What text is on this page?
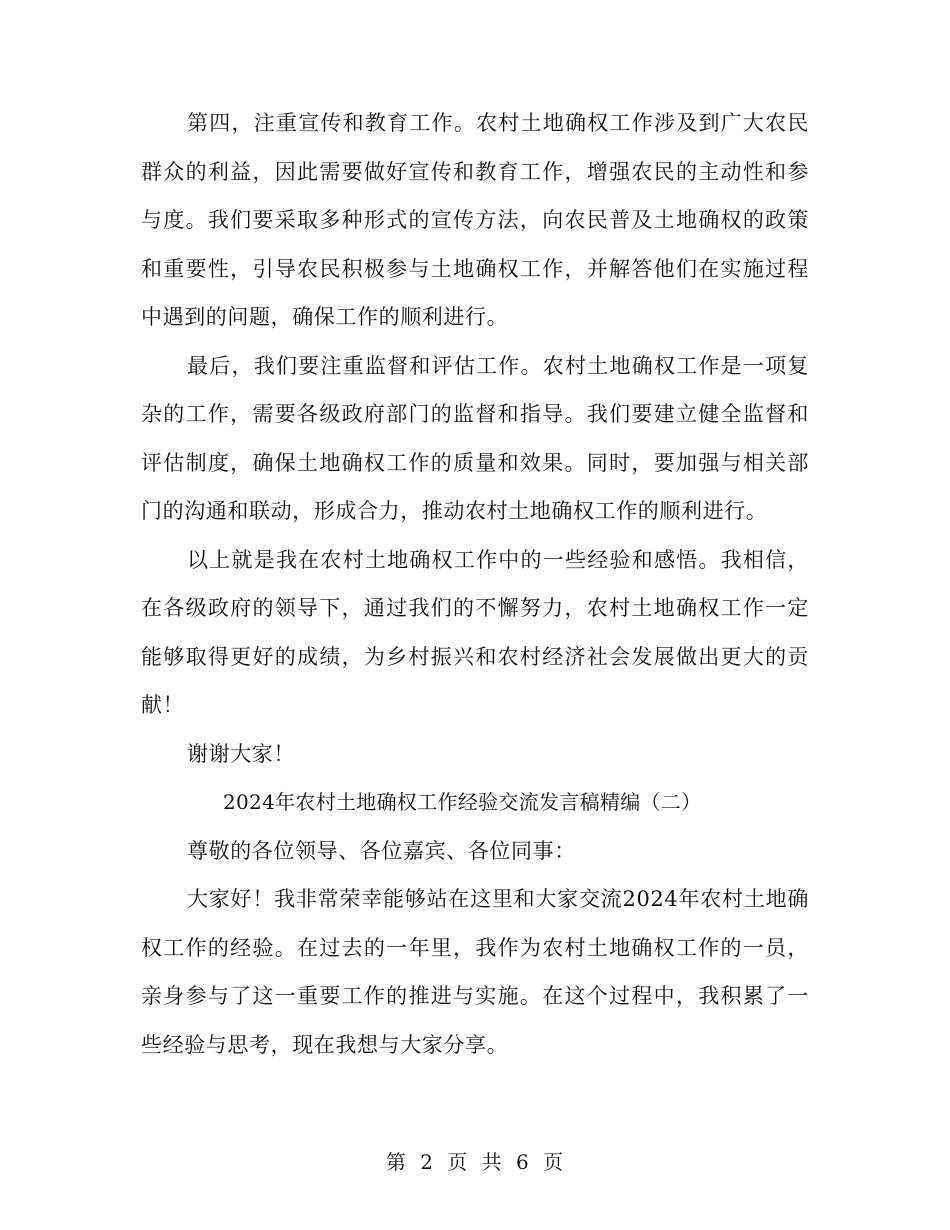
第四，注重宣传和教育工作。农村土地确权工作涉及到广大农民群众的利益，因此需要做好宣传和教育工作，增强农民的主动性和参与度。我们要采取多种形式的宣传方法，向农民普及土地确权的政策和重要性，引导农民积极参与土地确权工作，并解答他们在实施过程中遇到的问题，确保工作的顺利进行。

最后，我们要注重监督和评估工作。农村土地确权工作是一项复杂的工作，需要各级政府部门的监督和指导。我们要建立健全监督和评估制度，确保土地确权工作的质量和效果。同时，要加强与相关部门的沟通和联动，形成合力，推动农村土地确权工作的顺利进行。

以上就是我在农村土地确权工作中的一些经验和感悟。我相信，在各级政府的领导下，通过我们的不懈努力，农村土地确权工作一定能够取得更好的成绩，为乡村振兴和农村经济社会发展做出更大的贡献！

谢谢大家！

2024年农村土地确权工作经验交流发言稿精编（二）

尊敬的各位领导、各位嘉宾、各位同事：

大家好！我非常荣幸能够站在这里和大家交流2024年农村土地确权工作的经验。在过去的一年里，我作为农村土地确权工作的一员，亲身参与了这一重要工作的推进与实施。在这个过程中，我积累了一些经验与思考，现在我想与大家分享。

第 2 页 共 6 页
